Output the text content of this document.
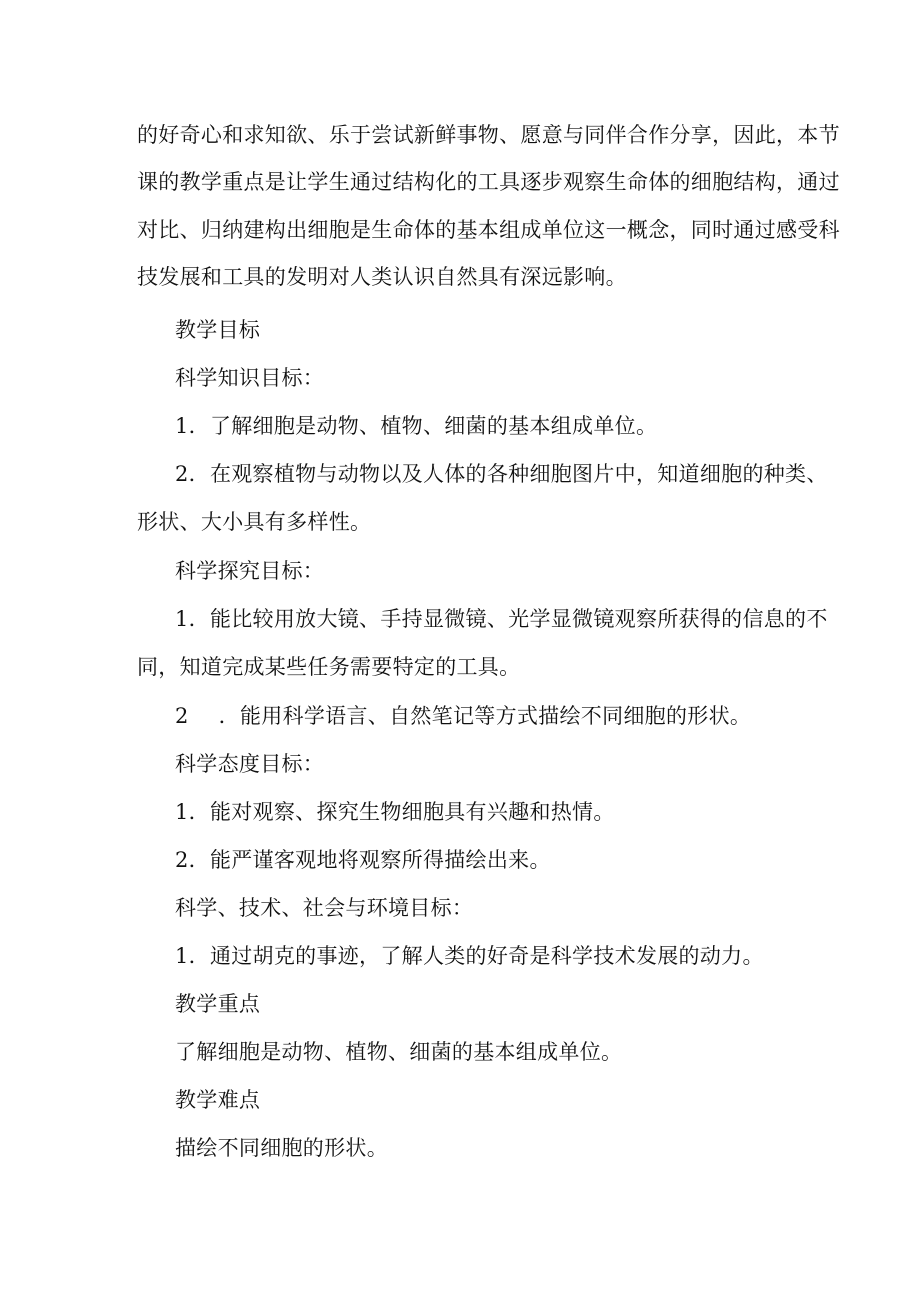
的好奇心和求知欲、乐于尝试新鲜事物、愿意与同伴合作分享，因此，本节
课的教学重点是让学生通过结构化的工具逐步观察生命体的细胞结构，通过
对比、归纳建构出细胞是生命体的基本组成单位这一概念，同时通过感受科
技发展和工具的发明对人类认识自然具有深远影响。
教学目标
科学知识目标：
1．了解细胞是动物、植物、细菌的基本组成单位。
2．在观察植物与动物以及人体的各种细胞图片中，知道细胞的种类、
形状、大小具有多样性。
科学探究目标：
1．能比较用放大镜、手持显微镜、光学显微镜观察所获得的信息的不
同，知道完成某些任务需要特定的工具。
2 ．能用科学语言、自然笔记等方式描绘不同细胞的形状。
科学态度目标：
1．能对观察、探究生物细胞具有兴趣和热情。
2．能严谨客观地将观察所得描绘出来。
科学、技术、社会与环境目标：
1．通过胡克的事迹，了解人类的好奇是科学技术发展的动力。
教学重点
了解细胞是动物、植物、细菌的基本组成单位。
教学难点
描绘不同细胞的形状。
